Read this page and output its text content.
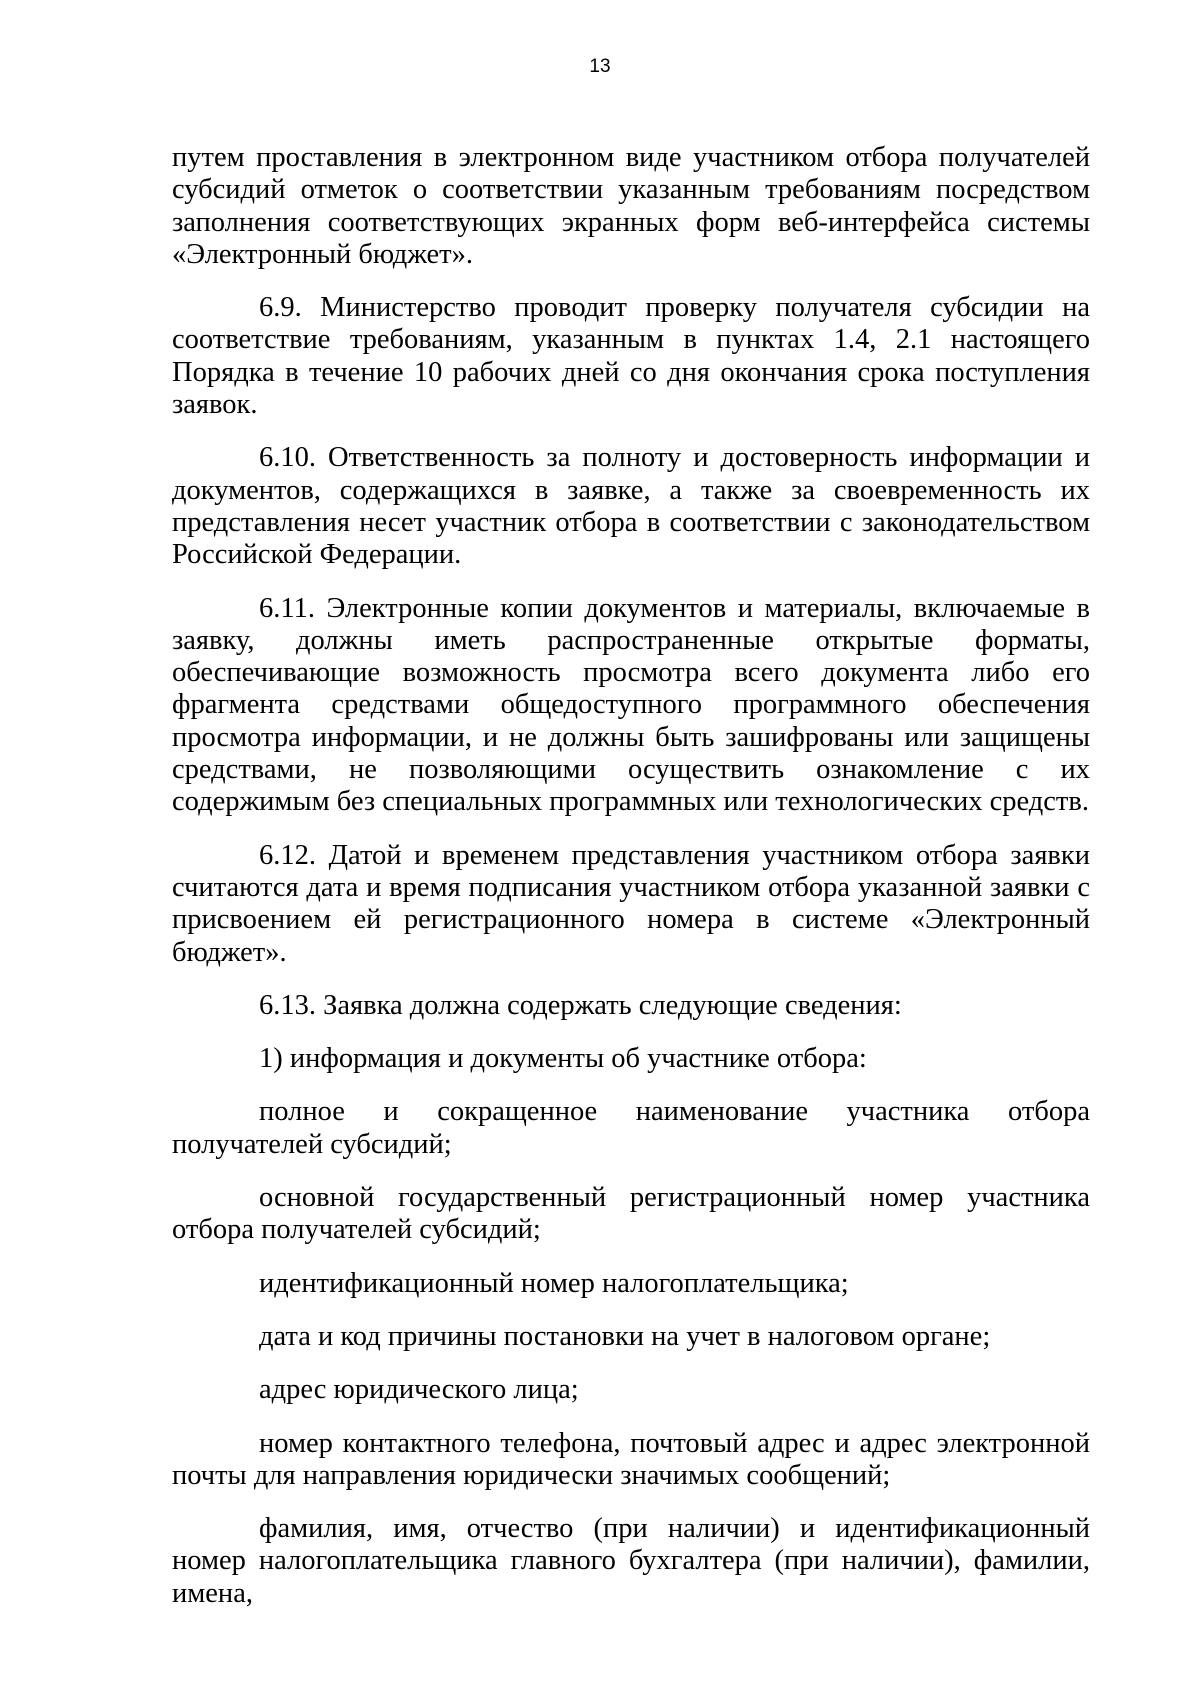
13

путем проставления в электронном виде участником отбора получателей субсидий отметок о соответствии указанным требованиям посредством заполнения соответствующих экранных форм веб-интерфейса системы «Электронный бюджет».

6.9. Министерство проводит проверку получателя субсидии на соответствие требованиям, указанным в пунктах 1.4, 2.1 настоящего Порядка в течение 10 рабочих дней со дня окончания срока поступления заявок.

6.10. Ответственность за полноту и достоверность информации и документов, содержащихся в заявке, а также за своевременность их представления несет участник отбора в соответствии с законодательством Российской Федерации.

6.11. Электронные копии документов и материалы, включаемые в заявку, должны иметь распространенные открытые форматы, обеспечивающие возможность просмотра всего документа либо его фрагмента средствами общедоступного программного обеспечения просмотра информации, и не должны быть зашифрованы или защищены средствами, не позволяющими осуществить ознакомление с их содержимым без специальных программных или технологических средств.

6.12. Датой и временем представления участником отбора заявки считаются дата и время подписания участником отбора указанной заявки с присвоением ей регистрационного номера в системе «Электронный бюджет».

6.13. Заявка должна содержать следующие сведения:

1) информация и документы об участнике отбора:

полное и сокращенное наименование участника отбора получателей субсидий;

основной государственный регистрационный номер участника отбора получателей субсидий;

идентификационный номер налогоплательщика;

дата и код причины постановки на учет в налоговом органе;

адрес юридического лица;

номер контактного телефона, почтовый адрес и адрес электронной почты для направления юридически значимых сообщений;

фамилия, имя, отчество (при наличии) и идентификационный номер налогоплательщика главного бухгалтера (при наличии), фамилии, имена,
